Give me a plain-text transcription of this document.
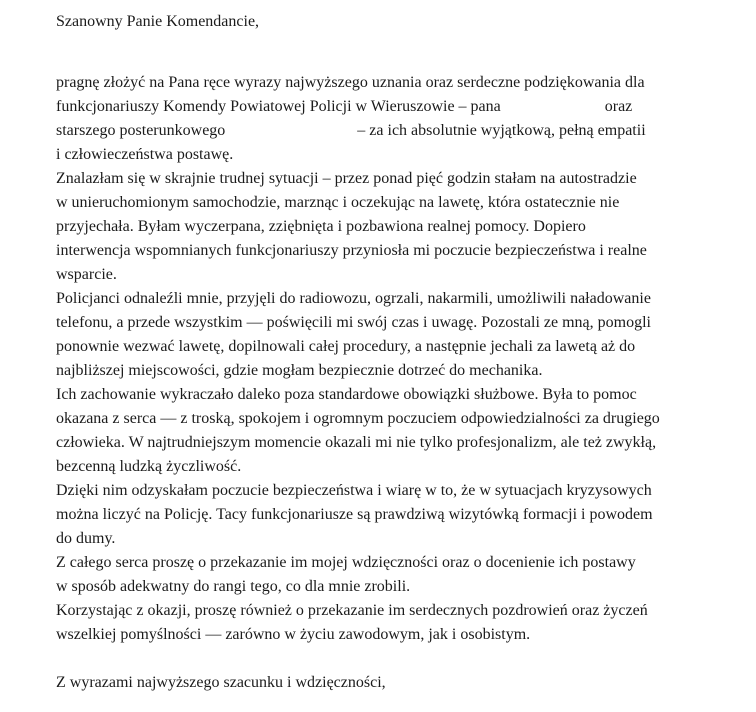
Szanowny Panie Komendancie,
pragnę złożyć na Pana ręce wyrazy najwyższego uznania oraz serdeczne podziękowania dla
funkcjonariuszy Komendy Powiatowej Policji w Wieruszowie – pana                          oraz
starszego posterunkowego                                 – za ich absolutnie wyjątkową, pełną empatii
i człowieczeństwa postawę.
Znalazłam się w skrajnie trudnej sytuacji – przez ponad pięć godzin stałam na autostradzie
w unieruchomionym samochodzie, marznąc i oczekując na lawetę, która ostatecznie nie
przyjechała. Byłam wyczerpana, zziębnięta i pozbawiona realnej pomocy. Dopiero
interwencja wspomnianych funkcjonariuszy przyniosła mi poczucie bezpieczeństwa i realne
wsparcie.
Policjanci odnaleźli mnie, przyjęli do radiowozu, ogrzali, nakarmili, umożliwili naładowanie
telefonu, a przede wszystkim — poświęcili mi swój czas i uwagę. Pozostali ze mną, pomogli
ponownie wezwać lawetę, dopilnowali całej procedury, a następnie jechali za lawetą aż do
najbliższej miejscowości, gdzie mogłam bezpiecznie dotrzeć do mechanika.
Ich zachowanie wykraczało daleko poza standardowe obowiązki służbowe. Była to pomoc
okazana z serca — z troską, spokojem i ogromnym poczuciem odpowiedzialności za drugiego
człowieka. W najtrudniejszym momencie okazali mi nie tylko profesjonalizm, ale też zwykłą,
bezcenną ludzką życzliwość.
Dzięki nim odzyskałam poczucie bezpieczeństwa i wiarę w to, że w sytuacjach kryzysowych
można liczyć na Policję. Tacy funkcjonariusze są prawdziwą wizytówką formacji i powodem
do dumy.
Z całego serca proszę o przekazanie im mojej wdzięczności oraz o docenienie ich postawy
w sposób adekwatny do rangi tego, co dla mnie zrobili.
Korzystając z okazji, proszę również o przekazanie im serdecznych pozdrowień oraz życzeń
wszelkiej pomyślności — zarówno w życiu zawodowym, jak i osobistym.
Z wyrazami najwyższego szacunku i wdzięczności,
